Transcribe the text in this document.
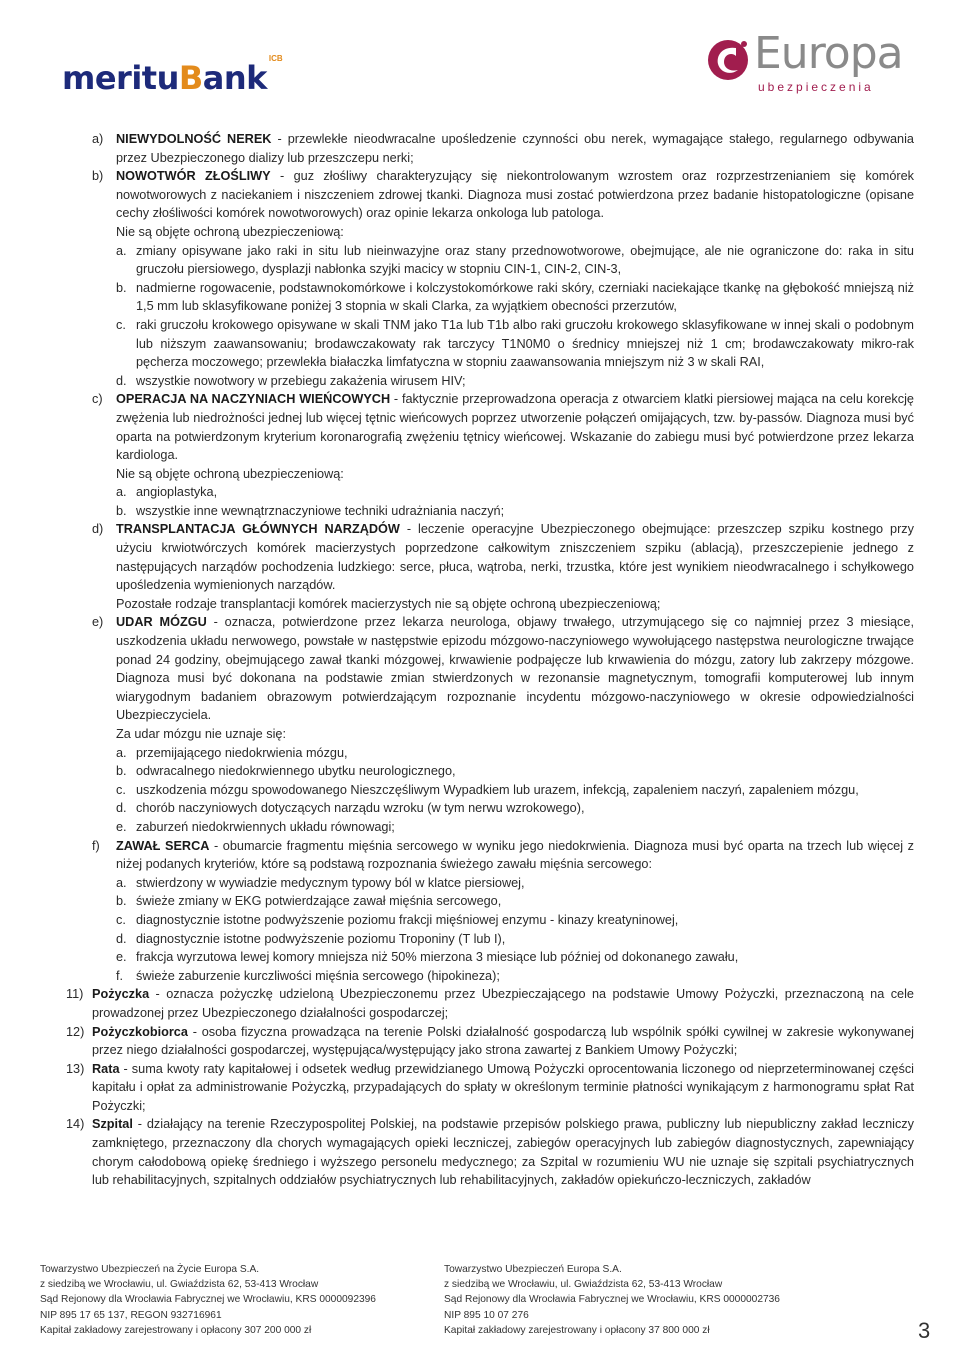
merituBank
ICB	Europa
ubezpieczenia
a) NIEWYDOLNOŚĆ NEREK - przewlekłe nieodwracalne upośledzenie czynności obu nerek, wymagające stałego, regularnego odbywania przez Ubezpieczonego dializy lub przeszczepu nerki;
b) NOWOTWÓR ZŁOŚLIWY - guz złośliwy charakteryzujący się niekontrolowanym wzrostem oraz rozprzestrzenianiem się komórek nowotworowych z naciekaniem i niszczeniem zdrowej tkanki. Diagnoza musi zostać potwierdzona przez badanie histopatologiczne (opisane cechy złośliwości komórek nowotworowych) oraz opinie lekarza onkologa lub patologa.
Nie są objęte ochroną ubezpieczeniową:
a. zmiany opisywane jako raki in situ lub nieinwazyjne oraz stany przednowotworowe, obejmujące, ale nie ograniczone do: raka in situ gruczołu piersiowego, dysplazji nabłonka szyjki macicy w stopniu CIN-1, CIN-2, CIN-3,
b. nadmierne rogowacenie, podstawnokomórkowe i kolczystokomórkowe raki skóry, czerniaki naciekające tkankę na głębokość mniejszą niż 1,5 mm lub sklasyfikowane poniżej 3 stopnia w skali Clarka, za wyjątkiem obecności przerzutów,
c. raki gruczołu krokowego opisywane w skali TNM jako T1a lub T1b albo raki gruczołu krokowego sklasyfikowane w innej skali o podobnym lub niższym zaawansowaniu; brodawczakowaty rak tarczycy T1N0M0 o średnicy mniejszej niż 1 cm; brodawczakowaty mikro-rak pęcherza moczowego; przewlekła białaczka limfatyczna w stopniu zaawansowania mniejszym niż 3 w skali RAI,
d. wszystkie nowotwory w przebiegu zakażenia wirusem HIV;
c) OPERACJA NA NACZYNIACH WIEŃCOWYCH - faktycznie przeprowadzona operacja z otwarciem klatki piersiowej mająca na celu korekcję zwężenia lub niedrożności jednej lub więcej tętnic wieńcowych poprzez utworzenie połączeń omijających, tzw. by-passów. Diagnoza musi być oparta na potwierdzonym kryterium koronarografią zwężeniu tętnicy wieńcowej. Wskazanie do zabiegu musi być potwierdzone przez lekarza kardiologa.
Nie są objęte ochroną ubezpieczeniową:
a. angioplastyka,
b. wszystkie inne wewnątrznaczyniowe techniki udrażniania naczyń;
d) TRANSPLANTACJA GŁÓWNYCH NARZĄDÓW - leczenie operacyjne Ubezpieczonego obejmujące: przeszczep szpiku kostnego przy użyciu krwiotwórczych komórek macierzystych poprzedzone całkowitym zniszczeniem szpiku (ablacją), przeszczepienie jednego z następujących narządów pochodzenia ludzkiego: serce, płuca, wątroba, nerki, trzustka, które jest wynikiem nieodwracalnego i schyłkowego upośledzenia wymienionych narządów.
Pozostałe rodzaje transplantacji komórek macierzystych nie są objęte ochroną ubezpieczeniową;
e) UDAR MÓZGU - oznacza, potwierdzone przez lekarza neurologa, objawy trwałego, utrzymującego się co najmniej przez 3 miesiące, uszkodzenia układu nerwowego, powstałe w następstwie epizodu mózgowo-naczyniowego wywołującego następstwa neurologiczne trwające ponad 24 godziny, obejmującego zawał tkanki mózgowej, krwawienie podpajęcze lub krwawienia do mózgu, zatory lub zakrzepy mózgowe. Diagnoza musi być dokonana na podstawie zmian stwierdzonych w rezonansie magnetycznym, tomografii komputerowej lub innym wiarygodnym badaniem obrazowym potwierdzającym rozpoznanie incydentu mózgowo-naczyniowego w okresie odpowiedzialności Ubezpieczyciela.
Za udar mózgu nie uznaje się:
a. przemijającego niedokrwienia mózgu,
b. odwracalnego niedokrwiennego ubytku neurologicznego,
c. uszkodzenia mózgu spowodowanego Nieszczęśliwym Wypadkiem lub urazem, infekcją, zapaleniem naczyń, zapaleniem mózgu,
d. chorób naczyniowych dotyczących narządu wzroku (w tym nerwu wzrokowego),
e. zaburzeń niedokrwiennych układu równowagi;
f) ZAWAŁ SERCA - obumarcie fragmentu mięśnia sercowego w wyniku jego niedokrwienia. Diagnoza musi być oparta na trzech lub więcej z niżej podanych kryteriów, które są podstawą rozpoznania świeżego zawału mięśnia sercowego:
a. stwierdzony w wywiadzie medycznym typowy ból w klatce piersiowej,
b. świeże zmiany w EKG potwierdzające zawał mięśnia sercowego,
c. diagnostycznie istotne podwyższenie poziomu frakcji mięśniowej enzymu - kinazy kreatyninowej,
d. diagnostycznie istotne podwyższenie poziomu Troponiny (T lub I),
e. frakcja wyrzutowa lewej komory mniejsza niż 50% mierzona 3 miesiące lub później od dokonanego zawału,
f. świeże zaburzenie kurczliwości mięśnia sercowego (hipokineza);
11) Pożyczka - oznacza pożyczkę udzieloną Ubezpieczonemu przez Ubezpieczającego na podstawie Umowy Pożyczki, przeznaczoną na cele prowadzonej przez Ubezpieczonego działalności gospodarczej;
12) Pożyczkobiorca - osoba fizyczna prowadząca na terenie Polski działalność gospodarczą lub wspólnik spółki cywilnej w zakresie wykonywanej przez niego działalności gospodarczej, występująca/występujący jako strona zawartej z Bankiem Umowy Pożyczki;
13) Rata - suma kwoty raty kapitałowej i odsetek według przewidzianego Umową Pożyczki oprocentowania liczonego od nieprzeterminowanej części kapitału i opłat za administrowanie Pożyczką, przypadających do spłaty w określonym terminie płatności wynikającym z harmonogramu spłat Rat Pożyczki;
14) Szpital - działający na terenie Rzeczypospolitej Polskiej, na podstawie przepisów polskiego prawa, publiczny lub niepubliczny zakład leczniczy zamkniętego, przeznaczony dla chorych wymagających opieki leczniczej, zabiegów operacyjnych lub zabiegów diagnostycznych, zapewniający chorym całodobową opiekę średniego i wyższego personelu medycznego; za Szpital w rozumieniu WU nie uznaje się szpitali psychiatrycznych lub rehabilitacyjnych, szpitalnych oddziałów psychiatrycznych lub rehabilitacyjnych, zakładów opiekuńczo-leczniczych, zakładów
Towarzystwo Ubezpieczeń na Życie Europa S.A.
z siedzibą we Wrocławiu, ul. Gwiaździsta 62, 53-413 Wrocław
Sąd Rejonowy dla Wrocławia Fabrycznej we Wrocławiu, KRS 0000092396
NIP 895 17 65 137, REGON 932716961
Kapitał zakładowy zarejestrowany i opłacony 307 200 000 zł
Towarzystwo Ubezpieczeń Europa S.A.
z siedzibą we Wrocławiu, ul. Gwiaździsta 62, 53-413 Wrocław
Sąd Rejonowy dla Wrocławia Fabrycznej we Wrocławiu, KRS 0000002736
NIP 895 10 07 276
Kapitał zakładowy zarejestrowany i opłacony 37 800 000 zł	3
